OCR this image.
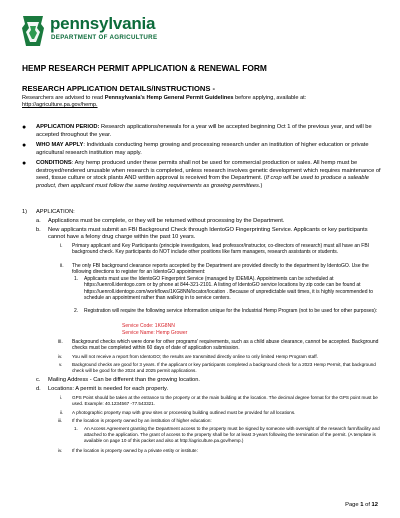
pennsylvania
DEPARTMENT OF AGRICULTURE
HEMP RESEARCH PERMIT APPLICATION & RENEWAL FORM
RESEARCH APPLICATION DETAILS/INSTRUCTIONS -
Researchers are advised to read Pennsylvania's Hemp General Permit Guidelines before applying, available at:
http://agriculture.pa.gov/hemp.
● APPLICATION PERIOD: Research applications/renewals for a year will be accepted beginning Oct 1 of the previous year, and will be accepted throughout the year.
● WHO MAY APPLY: Individuals conducting hemp growing and processing research under an institution of higher education or private agricultural research institution may apply.
● CONDITIONS: Any hemp produced under these permits shall not be used for commercial production or sales. All hemp must be destroyed/rendered unusable when research is completed, unless research involves genetic development which requires maintenance of seed, tissue culture or stock plants AND written approval is received from the Department. (If crop will be used to produce a saleable product, then applicant must follow the same testing requirements as growing permittees.)
1) APPLICATION:
a. Applications must be complete, or they will be returned without processing by the Department.
b. New applicants must submit an FBI Background Check through IdentoGO Fingerprinting Service. Applicants or key participants cannot have a felony drug charge within the past 10 years.
i. Primary applicant and Key Participants (principle investigators, lead professor/instructor, co-directors of research) must all have an FBI background check. Key participants do NOT include other positions like farm managers, research assistants or students.
ii. The only FBI background clearance reports accepted by the Department are provided directly to the department by IdentoGO. Use the following directions to register for an IdentoGO appointment:
1. Applicants must use the IdentoGO Fingerprint Service (managed by IDEMIA). Appointments can be scheduled at https://uenroll.identogo.com or by phone at 844-321-2101. A listing of IdentoGO service locations by zip code can be found at https://uenroll.identogo.com/workflows/1KG8NN/locator/location . Because of unpredictable wait times, it is highly recommended to schedule an appointment rather than walking in to service centers.
2. Registration will require the following service information unique for the Industrial Hemp Program (not to be used for other purposes):
Service Code: 1KG8NN
Service Name: Hemp Grower
iii. Background checks which were done for other programs' requirements, such as a child abuse clearance, cannot be accepted. Background checks must be completed within 60 days of date of application submission.
iv. You will not receive a report from IdentoGO; the results are transmitted directly online to only limited Hemp Program staff.
v. Background checks are good for 3 years. If the applicant or key participants completed a background check for a 2023 Hemp Permit, that background check will be good for the 2024 and 2025 permit applications.
c. Mailing Address - Can be different than the growing location.
d. Locations: A permit is needed for each property.
i. GPS Point should be taken at the entrance to the property or at the main building at the location. The decimal degree format for the GPS point must be used. Example: 40.1234567 -77.543321.
ii. A photographic property map with grow sites or processing building outlined must be provided for all locations.
iii. If the location is property owned by an institution of higher education:
1. An Access Agreement granting the Department access to the property must be signed by someone with oversight of the research farm/facility and attached to the application. The grant of access to the property shall be for at least 3-years following the termination of the permit. (A template is available on page 10 of this packet and also at http://agriculture.pa.gov/hemp.)
iv. If the location is property owned by a private entity or institute:
Page 1 of 12
